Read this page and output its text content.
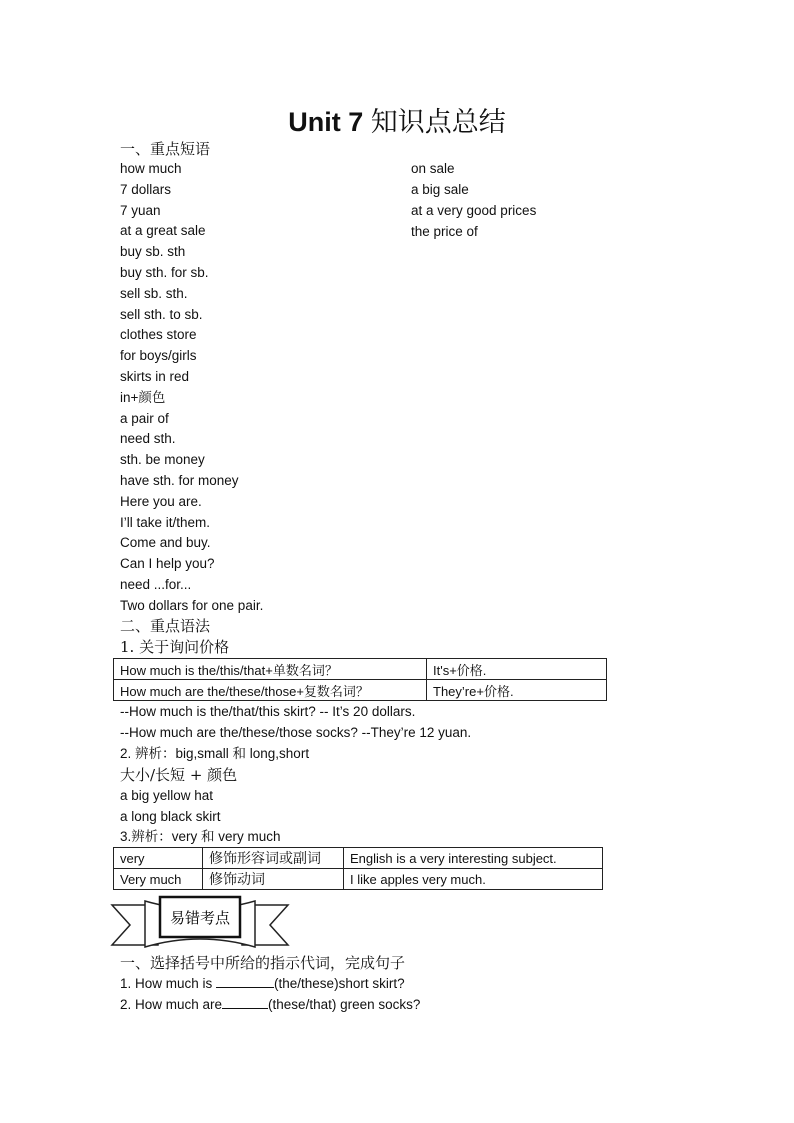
Unit 7 知识点总结
一、重点短语
how much
7 dollars
7 yuan
at a great sale
buy sb. sth
buy sth. for sb.
sell sb. sth.
sell sth. to sb.
clothes store
for boys/girls
skirts in red
in+颜色
a pair of
need sth.
sth. be money
have sth. for money
Here you are.
I’ll take it/them.
Come and buy.
Can I help you?
need ...for...
Two dollars for one pair.
on sale
a big sale
at a very good prices
the price of
二、重点语法
1. 关于询问价格
How much is the/this/that+单数名词？	It's+价格.
How much are the/these/those+复数名词？	They’re+价格.
--How much is the/that/this skirt? -- It’s 20 dollars.
--How much are the/these/those socks? --They’re 12 yuan.
2. 辨析：big,small 和 long,short
大小/长短 + 颜色
a big yellow hat
a long black skirt
3.辨析：very 和 very much
very	修饰形容词或副词	English is a very interesting subject.
Very much	修饰动词	I like apples very much.
易错考点
一、选择括号中所给的指示代词，完成句子
1. How much is	(the/these)short skirt?
2. How much are	(these/that) green socks?
